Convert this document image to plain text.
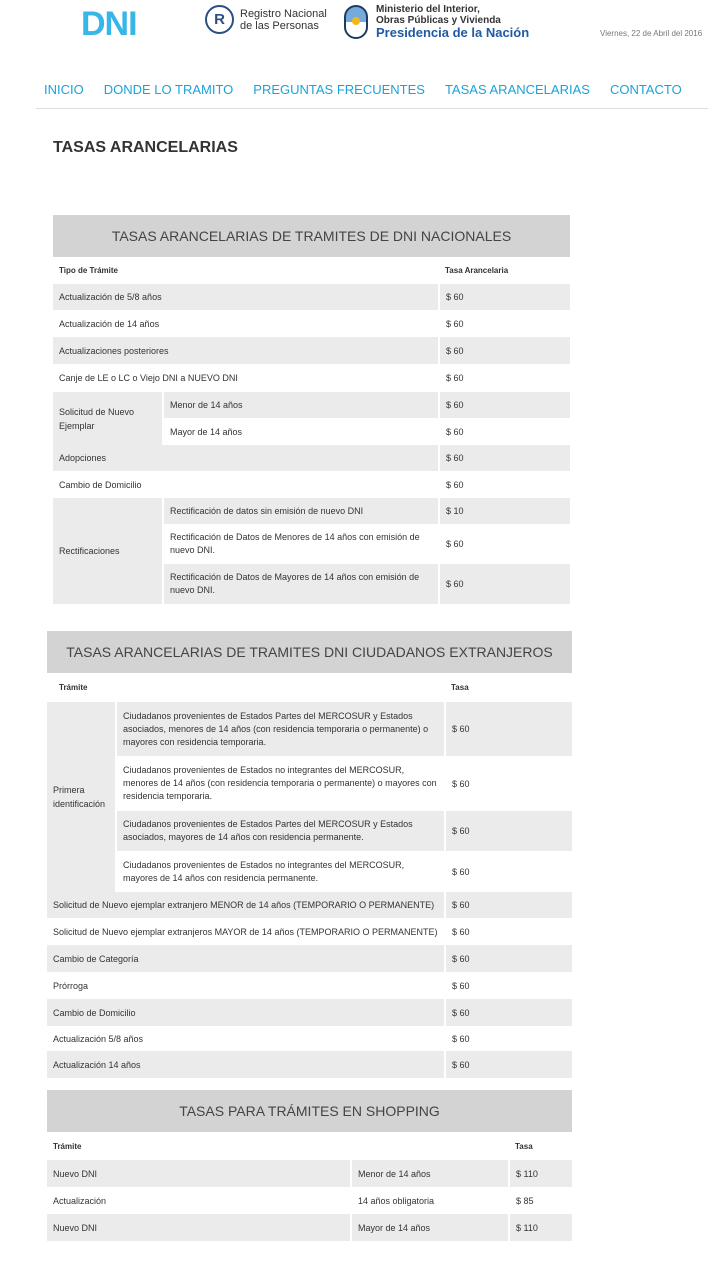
DNI	R	Registro Nacional
de las Personas
Ministerio del Interior,
Obras Públicas y Vivienda
Presidencia de la Nación	Viernes, 22 de Abril del 2016
INICIO DONDE LO TRAMITO PREGUNTAS FRECUENTES TASAS ARANCELARIAS CONTACTO
TASAS ARANCELARIAS
TASAS ARANCELARIAS DE TRAMITES DE DNI NACIONALES		
Tipo de Trámite		Tasa Arancelaria
Actualización de 5/8 años		$ 60
Actualización de 14 años		$ 60
Actualizaciones posteriores		$ 60
Canje de LE o LC o Viejo DNI a NUEVO DNI		$ 60
Solicitud de Nuevo Ejemplar	Menor de 14 años	$ 60
	Mayor de 14 años	$ 60
Adopciones		$ 60
Cambio de Domicilio		$ 60
Rectificaciones	Rectificación de datos sin emisión de nuevo DNI	$ 10
	Rectificación de Datos de Menores de 14 años con emisión de nuevo DNI.	$ 60
	Rectificación de Datos de Mayores de 14 años con emisión de nuevo DNI.	$ 60
TASAS ARANCELARIAS DE TRAMITES DNI CIUDADANOS EXTRANJEROS		
Trámite		Tasa
Primera identificación	Ciudadanos provenientes de Estados Partes del MERCOSUR y Estados asociados, menores de 14 años (con residencia temporaria o permanente) o mayores con residencia temporaria.	$ 60
	Ciudadanos provenientes de Estados no integrantes del MERCOSUR, menores de 14 años (con residencia temporaria o permanente) o mayores con residencia temporaria.	$ 60
	Ciudadanos provenientes de Estados Partes del MERCOSUR y Estados asociados, mayores de 14 años con residencia permanente.	$ 60
	Ciudadanos provenientes de Estados no integrantes del MERCOSUR, mayores de 14 años con residencia permanente.	$ 60
Solicitud de Nuevo ejemplar extranjero MENOR de 14 años (TEMPORARIO O PERMANENTE)		$ 60
Solicitud de Nuevo ejemplar extranjeros MAYOR de 14 años (TEMPORARIO O PERMANENTE)		$ 60
Cambio de Categoría		$ 60
Prórroga		$ 60
Cambio de Domicilio		$ 60
Actualización 5/8 años		$ 60
Actualización 14 años		$ 60
TASAS PARA TRÁMITES EN SHOPPING		
Trámite		Tasa
Nuevo DNI	Menor de 14 años	$ 110
Actualización	14 años obligatoria	$ 85
Nuevo DNI	Mayor de 14 años	$ 110
